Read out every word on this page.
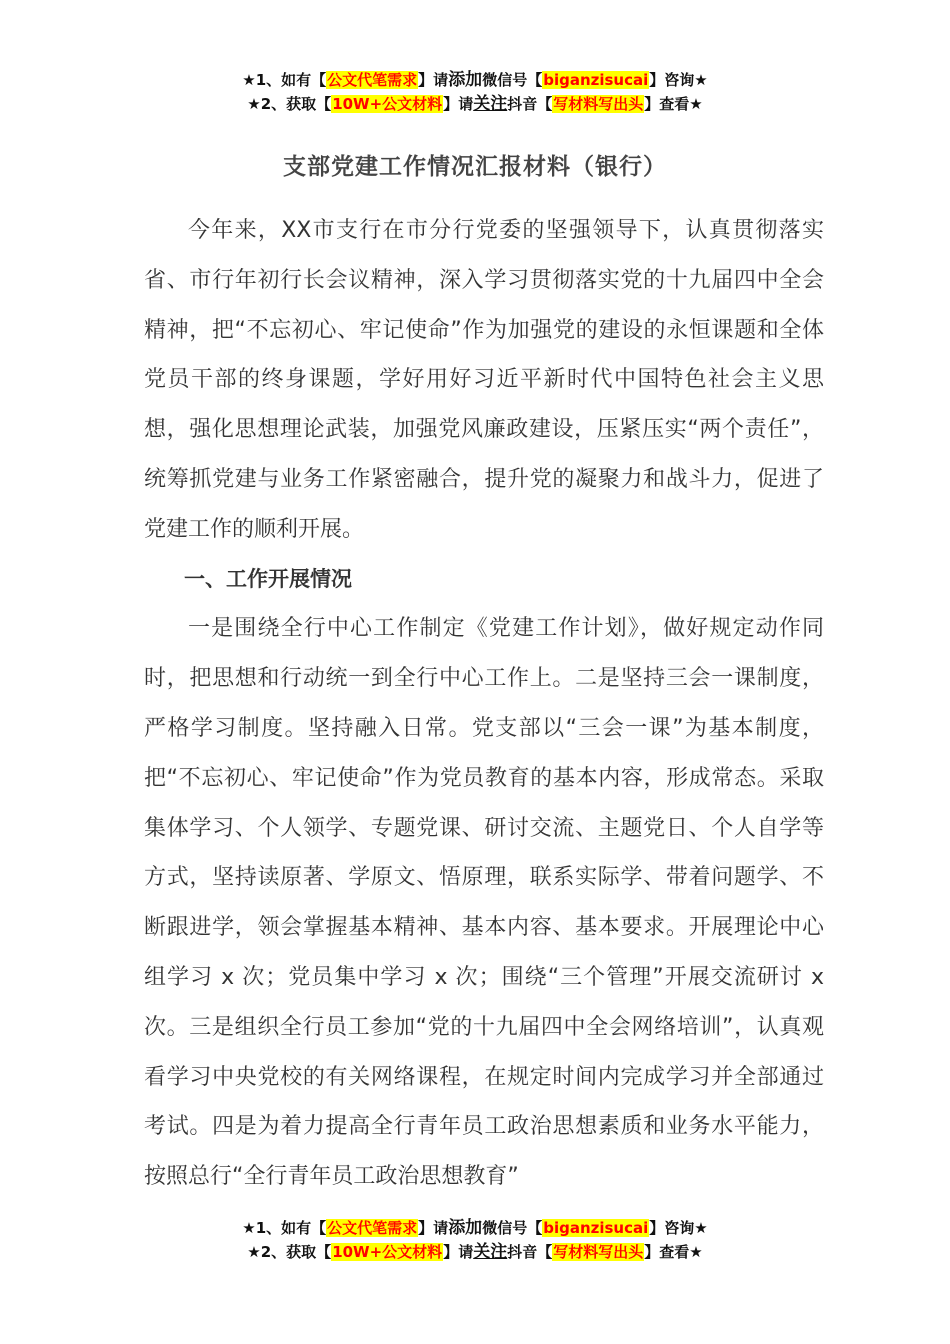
★1、如有【公文代笔需求】请添加微信号【biganzisucai】咨询★
★2、获取【10W+公文材料】请关注抖音【写材料写出头】查看★
支部党建工作情况汇报材料（银行）

今年来，XX市支行在市分行党委的坚强领导下，认真贯彻落实省、市行年初行长会议精神，深入学习贯彻落实党的十九届四中全会精神，把“不忘初心、牢记使命”作为加强党的建设的永恒课题和全体党员干部的终身课题，学好用好习近平新时代中国特色社会主义思想，强化思想理论武装，加强党风廉政建设，压紧压实“两个责任”，统筹抓党建与业务工作紧密融合，提升党的凝聚力和战斗力，促进了党建工作的顺利开展。

一、工作开展情况

一是围绕全行中心工作制定《党建工作计划》，做好规定动作同时，把思想和行动统一到全行中心工作上。二是坚持三会一课制度，严格学习制度。坚持融入日常。党支部以“三会一课”为基本制度，把“不忘初心、牢记使命”作为党员教育的基本内容，形成常态。采取集体学习、个人领学、专题党课、研讨交流、主题党日、个人自学等方式，坚持读原著、学原文、悟原理，联系实际学、带着问题学、不断跟进学，领会掌握基本精神、基本内容、基本要求。开展理论中心组学习 x 次；党员集中学习 x 次；围绕“三个管理”开展交流研讨 x 次。三是组织全行员工参加“党的十九届四中全会网络培训”，认真观看学习中央党校的有关网络课程，在规定时间内完成学习并全部通过考试。四是为着力提高全行青年员工政治思想素质和业务水平能力，按照总行“全行青年员工政治思想教育”

★1、如有【公文代笔需求】请添加微信号【biganzisucai】咨询★
★2、获取【10W+公文材料】请关注抖音【写材料写出头】查看★
